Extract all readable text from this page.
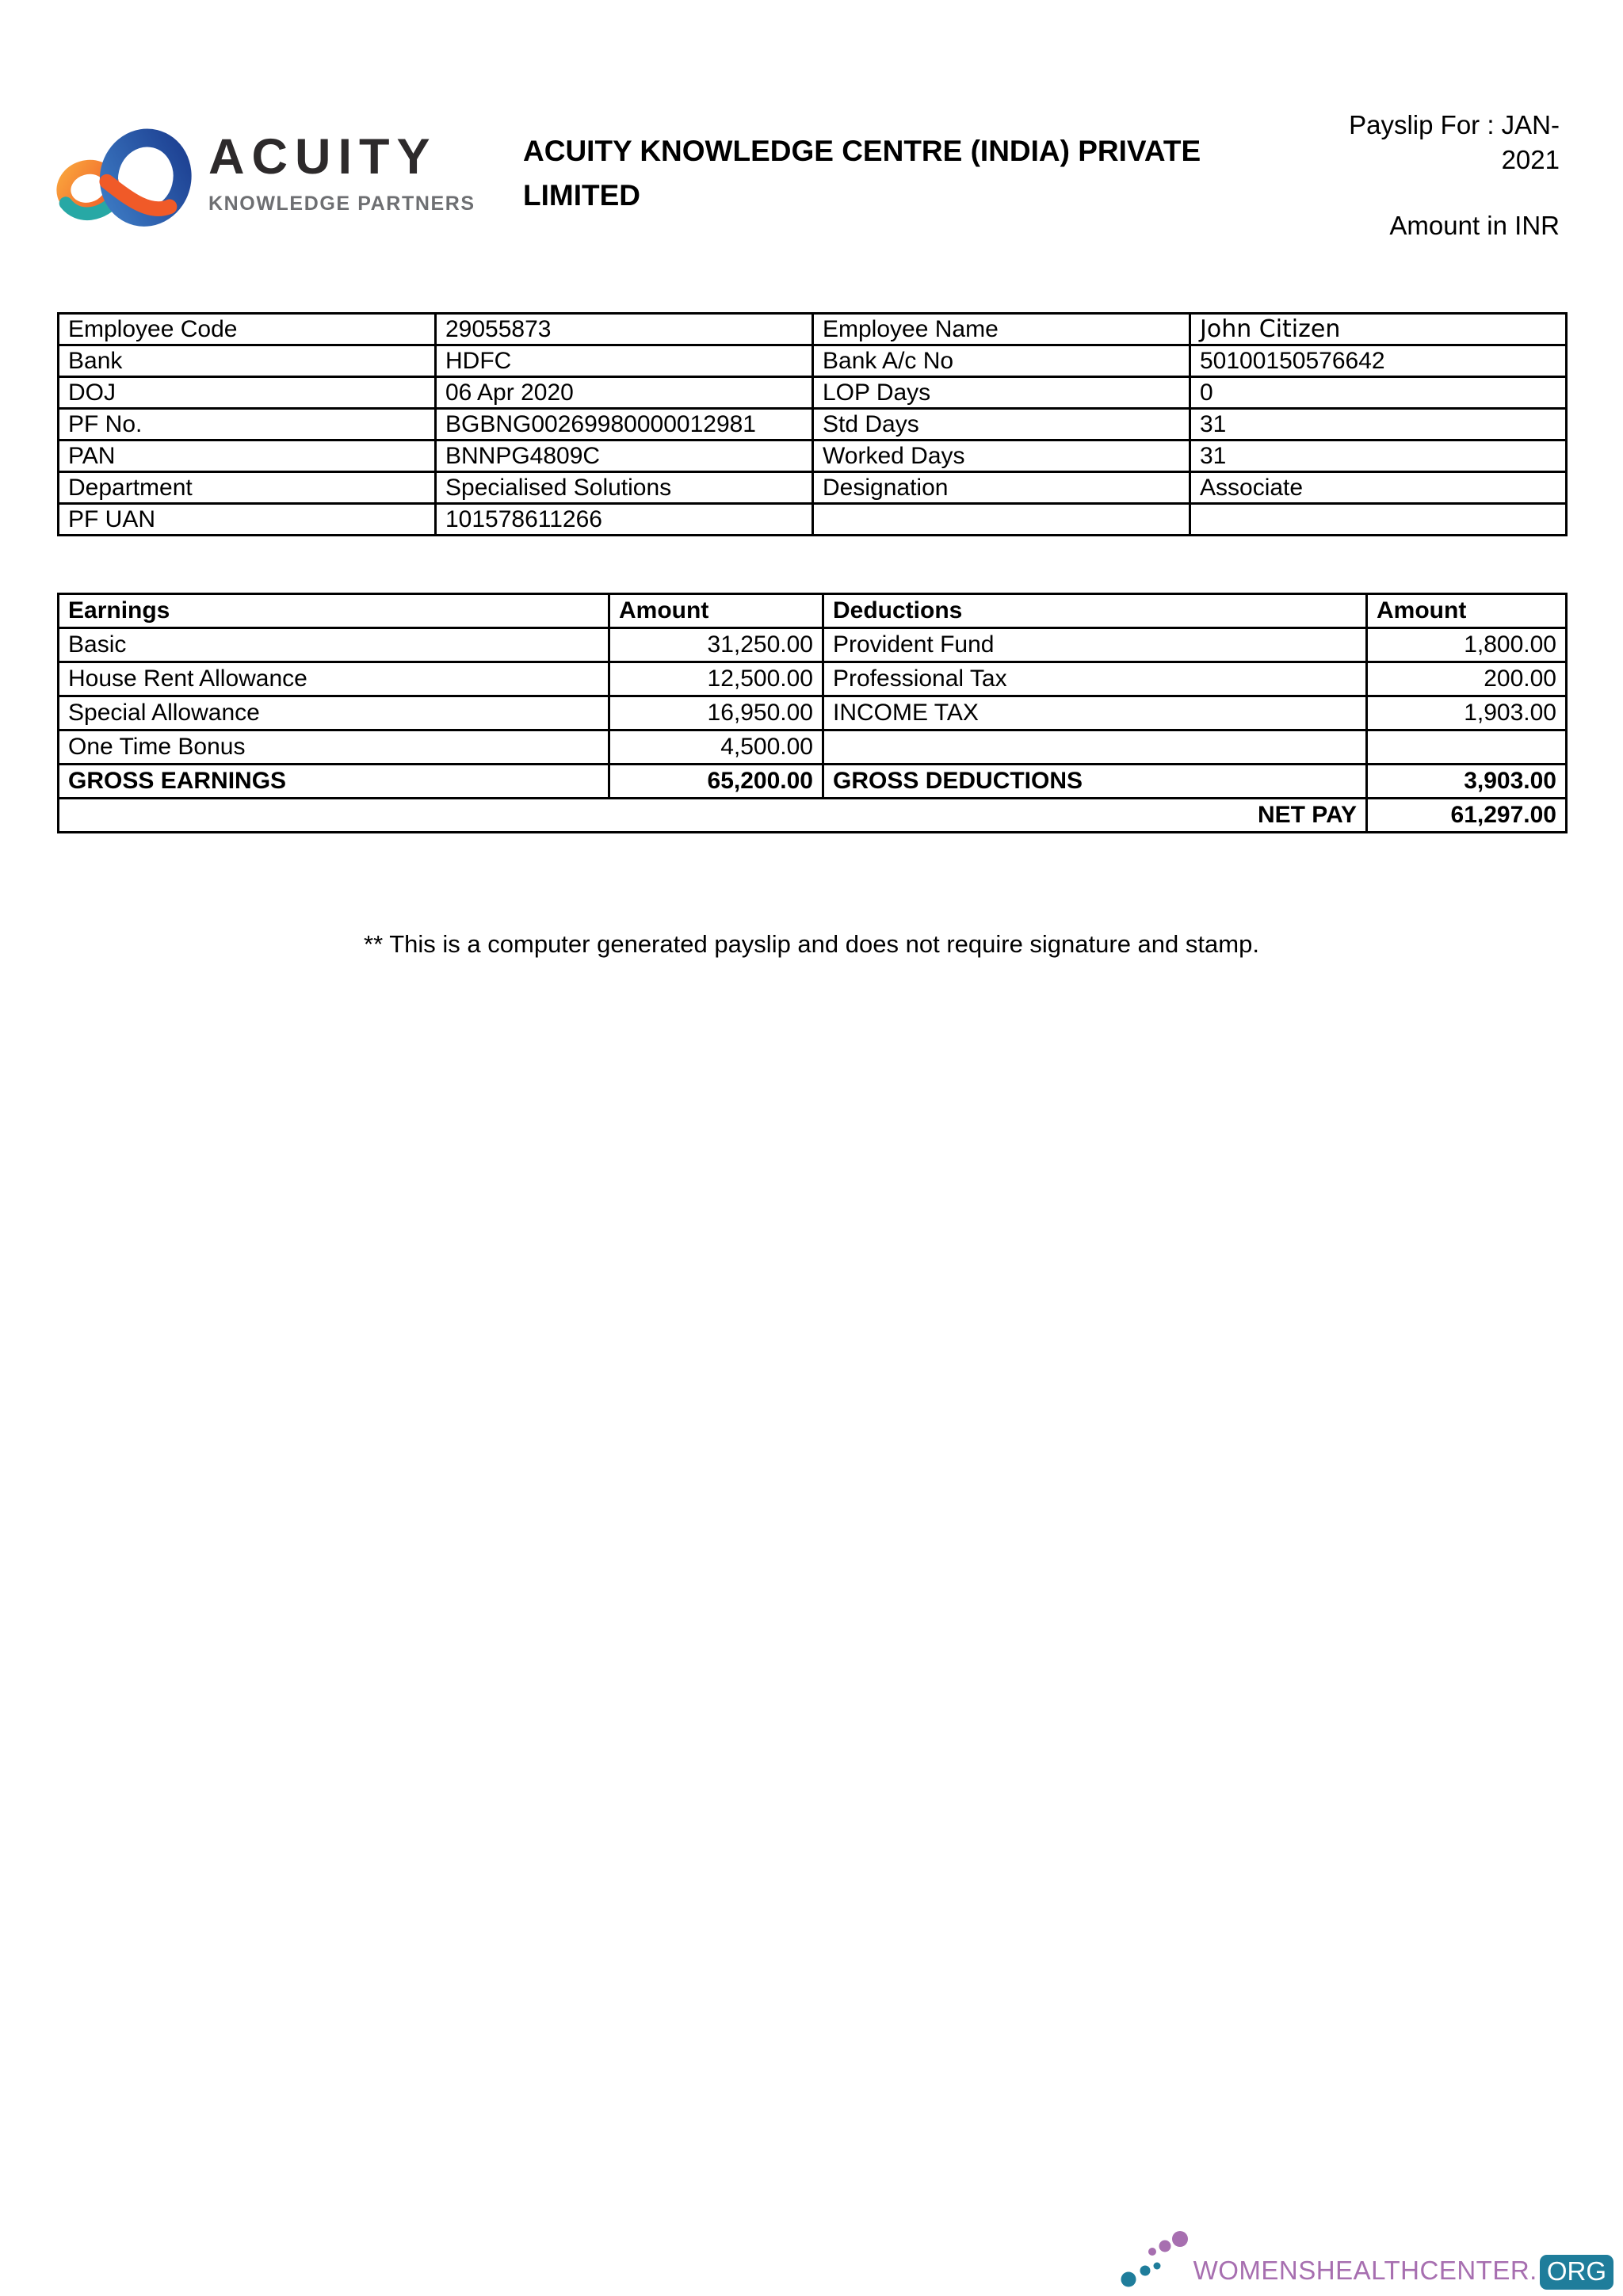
ACUITY
KNOWLEDGE PARTNERS
ACUITY KNOWLEDGE CENTRE (INDIA) PRIVATE LIMITED
Payslip For : JAN-
2021
Amount in INR
Employee Code	29055873	Employee Name	John Citizen
Bank	HDFC	Bank A/c No	50100150576642
DOJ	06 Apr 2020	LOP Days	0
PF No.	BGBNG00269980000012981	Std Days	31
PAN	BNNPG4809C	Worked Days	31
Department	Specialised Solutions	Designation	Associate
PF UAN	101578611266		
Earnings	Amount	Deductions	Amount
Basic	31,250.00	Provident Fund	1,800.00
House Rent Allowance	12,500.00	Professional Tax	200.00
Special Allowance	16,950.00	INCOME TAX	1,903.00
One Time Bonus	4,500.00		
GROSS EARNINGS	65,200.00	GROSS DEDUCTIONS	3,903.00
NET PAY			61,297.00

** This is a computer generated payslip and does not require signature and stamp.

WOMENSHEALTHCENTER. ORG
